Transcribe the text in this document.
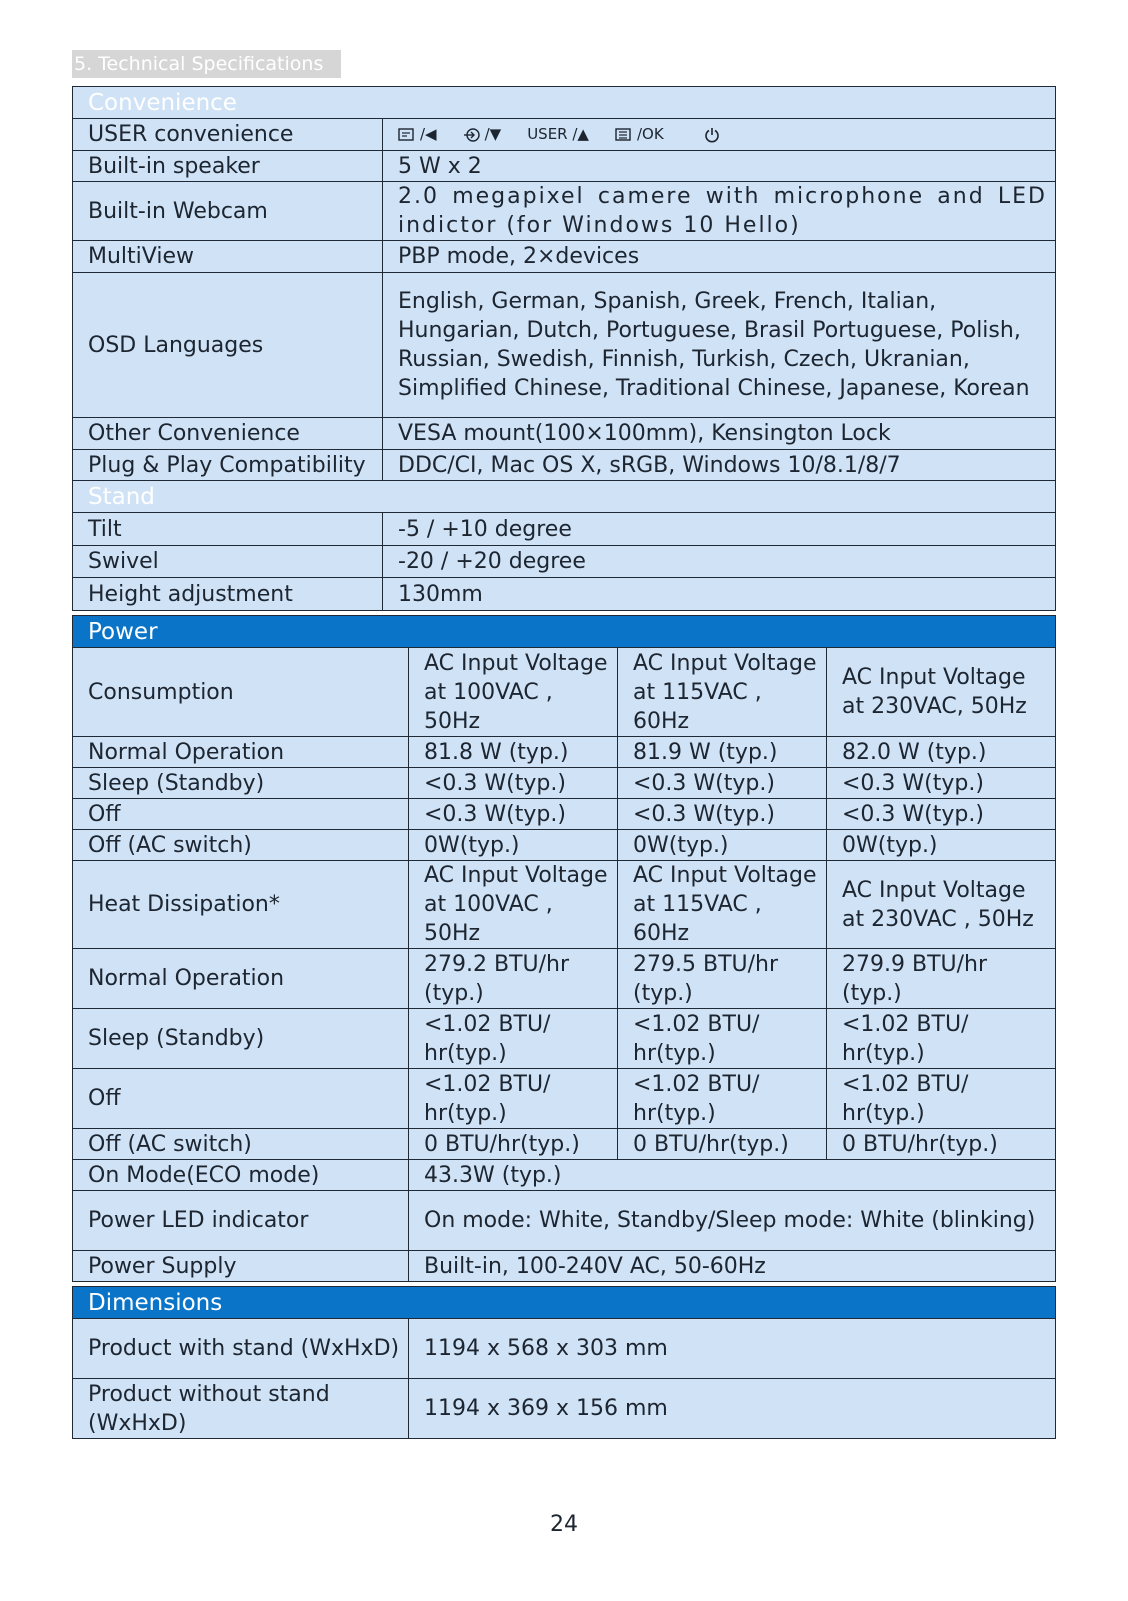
5. Technical Specifications
Convenience	
USER convenience	/◀ /▼ USER /▲ /OK

Built-in speaker	5 W x 2
Built-in Webcam	2.0 megapixel camere with microphone and LED indictor (for Windows 10 Hello)
MultiView	PBP mode, 2×devices
OSD Languages	English, German, Spanish, Greek, French, Italian, Hungarian, Dutch, Portuguese, Brasil Portuguese, Polish, Russian, Swedish, Finnish, Turkish, Czech, Ukranian, Simplified Chinese, Traditional Chinese, Japanese, Korean
Other Convenience	VESA mount(100×100mm), Kensington Lock
Plug & Play Compatibility	DDC/CI, Mac OS X, sRGB, Windows 10/8.1/8/7
Stand	
Tilt	-5 / +10 degree
Swivel	-20 / +20 degree
Height adjustment	130mm
Power			
Consumption	AC Input Voltage at 100VAC , 50Hz	AC Input Voltage at 115VAC , 60Hz	AC Input Voltage at 230VAC, 50Hz
Normal Operation	81.8 W (typ.)	81.9 W (typ.)	82.0 W (typ.)
Sleep (Standby)	<0.3 W(typ.)	<0.3 W(typ.)	<0.3 W(typ.)
Off	<0.3 W(typ.)	<0.3 W(typ.)	<0.3 W(typ.)
Off (AC switch)	0W(typ.)	0W(typ.)	0W(typ.)
Heat Dissipation*	AC Input Voltage at 100VAC , 50Hz	AC Input Voltage at 115VAC , 60Hz	AC Input Voltage at 230VAC , 50Hz
Normal Operation	279.2 BTU/hr (typ.)	279.5 BTU/hr (typ.)	279.9 BTU/hr (typ.)
Sleep (Standby)	<1.02 BTU/ hr(typ.)	<1.02 BTU/ hr(typ.)	<1.02 BTU/ hr(typ.)
Off	<1.02 BTU/ hr(typ.)	<1.02 BTU/ hr(typ.)	<1.02 BTU/ hr(typ.)
Off (AC switch)	0 BTU/hr(typ.)	0 BTU/hr(typ.)	0 BTU/hr(typ.)
On Mode(ECO mode)	43.3W (typ.)		
Power LED indicator	On mode: White, Standby/Sleep mode: White (blinking)		
Power Supply	Built-in, 100-240V AC, 50-60Hz		
Dimensions	
Product with stand (WxHxD)	1194 x 568 x 303 mm
Product without stand (WxHxD)	1194 x 369 x 156 mm
24
